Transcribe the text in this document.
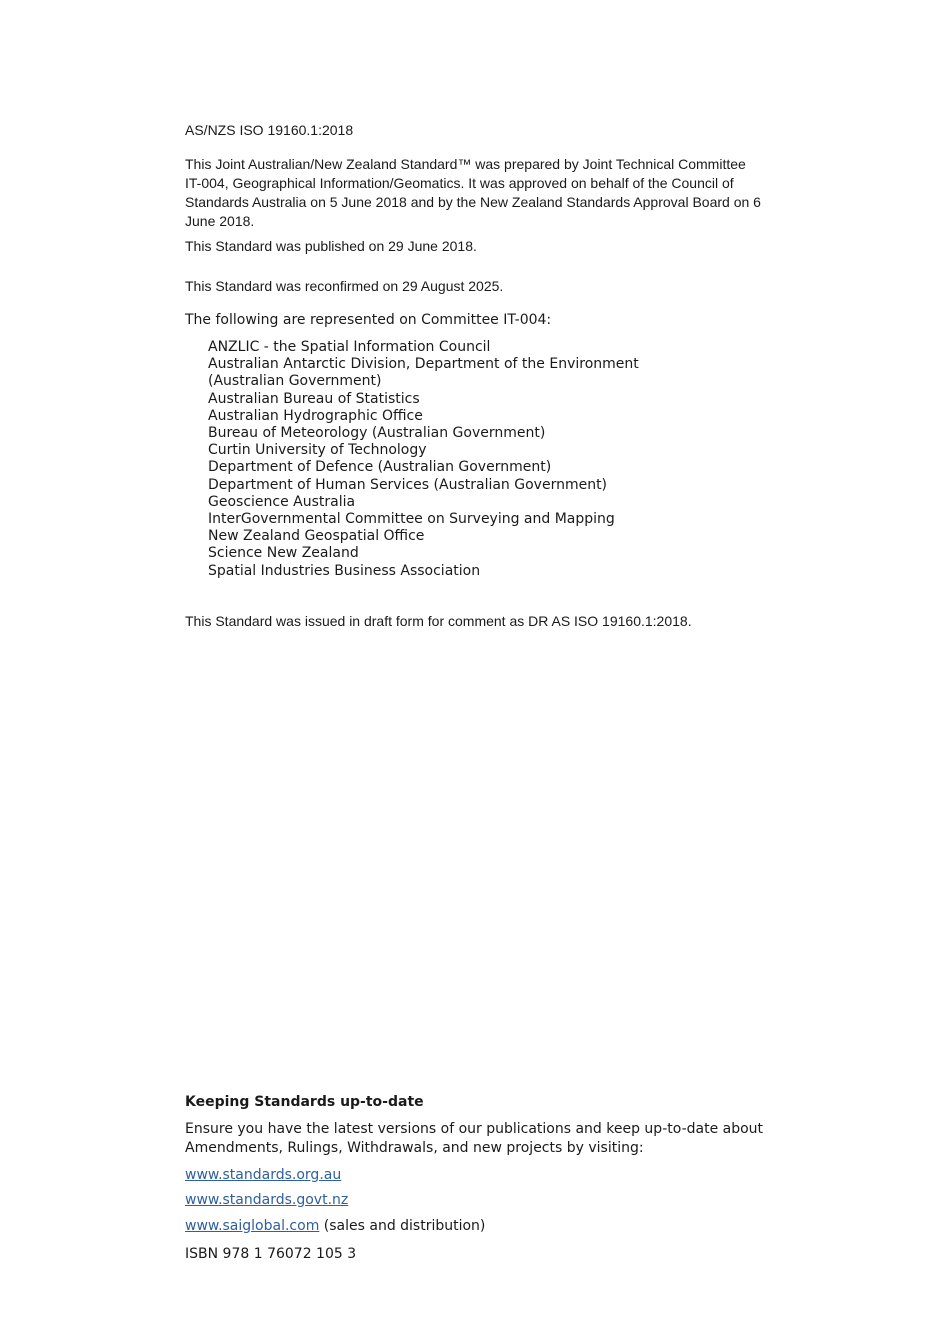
AS/NZS ISO 19160.1:2018

This Joint Australian/New Zealand Standard™ was prepared by Joint Technical Committee IT-004, Geographical Information/Geomatics. It was approved on behalf of the Council of Standards Australia on 5 June 2018 and by the New Zealand Standards Approval Board on 6 June 2018.

This Standard was published on 29 June 2018.
This Standard was reconfirmed on 29 August 2025.
The following are represented on Committee IT-004:
ANZLIC - the Spatial Information Council
Australian Antarctic Division, Department of the Environment
(Australian Government)
Australian Bureau of Statistics
Australian Hydrographic Office
Bureau of Meteorology (Australian Government)
Curtin University of Technology
Department of Defence (Australian Government)
Department of Human Services (Australian Government)
Geoscience Australia
InterGovernmental Committee on Surveying and Mapping
New Zealand Geospatial Office
Science New Zealand
Spatial Industries Business Association
This Standard was issued in draft form for comment as DR AS ISO 19160.1:2018.
Keeping Standards up-to-date

Ensure you have the latest versions of our publications and keep up-to-date about Amendments, Rulings, Withdrawals, and new projects by visiting:

www.standards.org.au
www.standards.govt.nz
www.saiglobal.com (sales and distribution)
ISBN 978 1 76072 105 3
